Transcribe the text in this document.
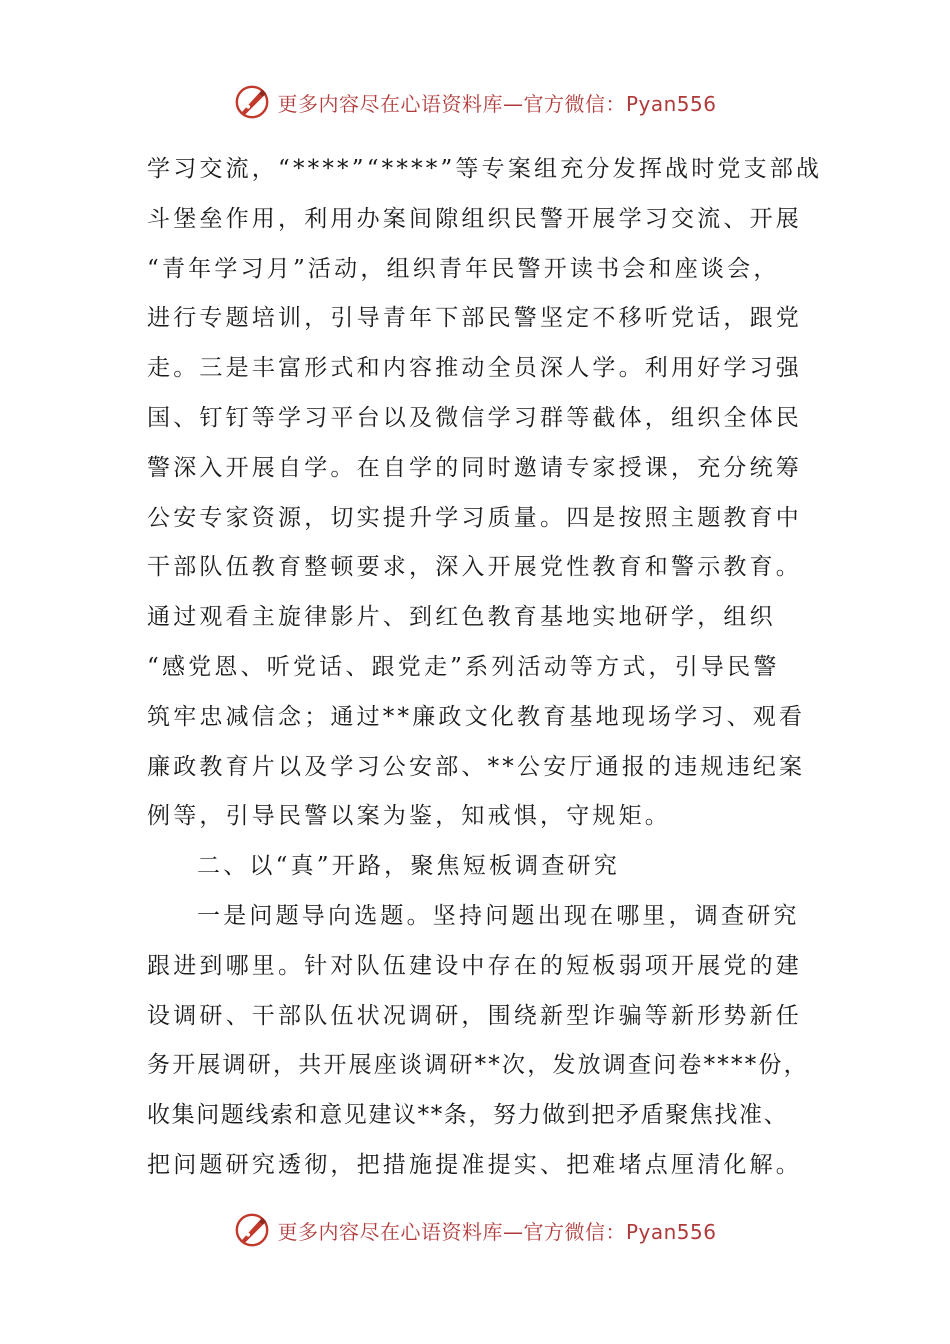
更多内容尽在心语资料库—官方微信：Pyan556
学习交流，“****”“****”等专案组充分发挥战时党支部战
斗堡垒作用，利用办案间隙组织民警开展学习交流、开展
“青年学习月”活动，组织青年民警开读书会和座谈会，
进行专题培训，引导青年下部民警坚定不移听党话，跟党
走。三是丰富形式和内容推动全员深人学。利用好学习强
国、钉钉等学习平台以及微信学习群等截体，组织全体民
警深入开展自学。在自学的同时邀请专家授课，充分统筹
公安专家资源，切实提升学习质量。四是按照主题教育中
干部队伍教育整顿要求，深入开展党性教育和警示教育。
通过观看主旋律影片、到红色教育基地实地研学，组织
“感党恩、听党话、跟党走”系列活动等方式，引导民警
筑牢忠减信念；通过**廉政文化教育基地现场学习、观看
廉政教育片以及学习公安部、**公安厅通报的违规违纪案
例等，引导民警以案为鉴，知戒惧，守规矩。
二、以“真”开路，聚焦短板调查研究
一是问题导向选题。坚持问题出现在哪里，调查研究
跟进到哪里。针对队伍建设中存在的短板弱项开展党的建
设调研、干部队伍状况调研，围绕新型诈骗等新形势新任
务开展调研，共开展座谈调研**次，发放调查问卷****份，
收集问题线索和意见建议**条，努力做到把矛盾聚焦找准、
把问题研究透彻，把措施提准提实、把难堵点厘清化解。
更多内容尽在心语资料库—官方微信：Pyan556
